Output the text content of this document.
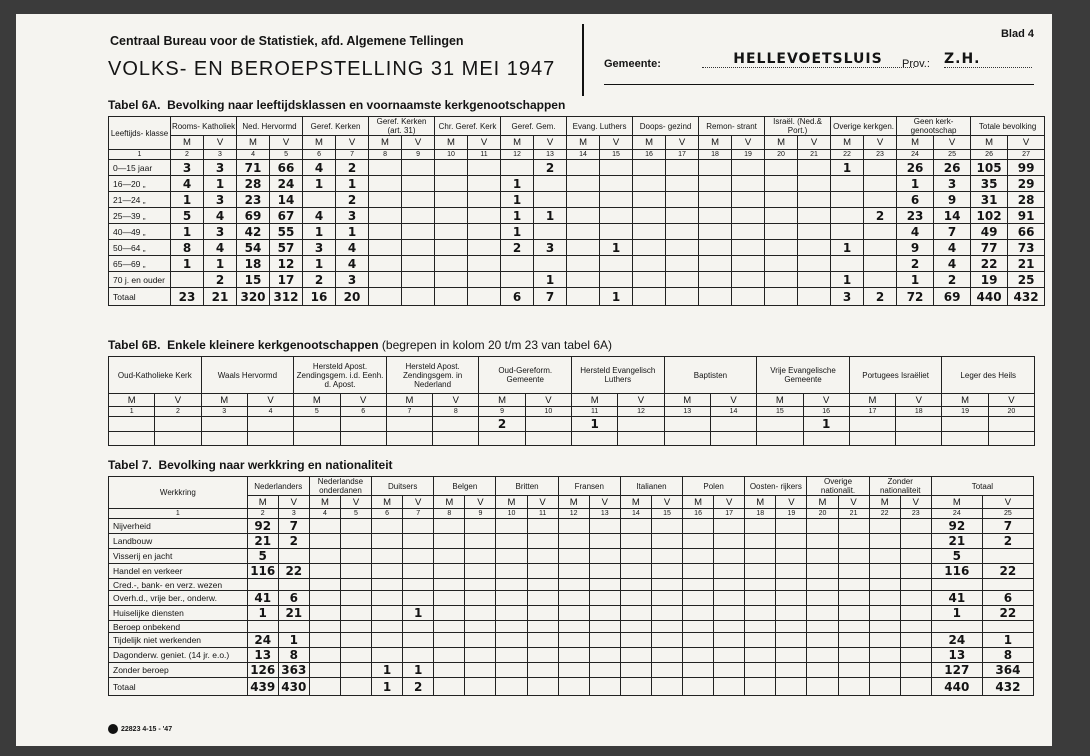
Centraal Bureau voor de Statistiek, afd. Algemene Tellingen
VOLKS- EN BEROEPSTELLING 31 MEI 1947
Blad 4
Gemeente:	HELLEVOETSLUIS	Prov.: Z.H.
Tabel 6A. Bevolking naar leeftijdsklassen en voornaamste kerkgenootschappen
Leeftijds- klasse	Rooms- Katholiek		Ned. Hervormd		Geref. Kerken		Geref. Kerken (art. 31)		Chr. Geref. Kerk		Geref. Gem.		Evang. Luthers		Doops- gezind		Remon- strant		Israël. (Ned.& Port.)		Overige kerkgen.		Geen kerk- genootschap		Totale bevolking	
	M	V	M	V	M	V	M	V	M	V	M	V	M	V	M	V	M	V	M	V	M	V	M	V	M	V
1	2	3	4	5	6	7	8	9	10	11	12	13	14	15	16	17	18	19	20	21	22	23	24	25	26	27
0—15 jaar	3	3	71	66	4	2						2									1		26	26	105	99
16—20 „	4	1	28	24	1	1					1												1	3	35	29
21—24 „	1	3	23	14		2					1												6	9	31	28
25—39 „	5	4	69	67	4	3					1	1										2	23	14	102	91
40—49 „	1	3	42	55	1	1					1												4	7	49	66
50—64 „	8	4	54	57	3	4					2	3		1							1		9	4	77	73
65—69 „	1	1	18	12	1	4																	2	4	22	21
70 j. en ouder		2	15	17	2	3						1									1		1	2	19	25
Totaal	23	21	320	312	16	20					6	7		1							3	2	72	69	440	432
Tabel 6B. Enkele kleinere kerkgenootschappen (begrepen in kolom 20 t/m 23 van tabel 6A)
Oud-Katholieke Kerk		Waals Hervormd		Hersteld Apost. Zendingsgem. i.d. Eenh. d. Apost.		Hersteld Apost. Zendingsgem. in Nederland		Oud-Gereform. Gemeente		Hersteld Evangelisch Luthers		Baptisten		Vrije Evangelische Gemeente		Portugees Israëliet		Leger des Heils	
M	V	M	V	M	V	M	V	M	V	M	V	M	V	M	V	M	V	M	V
1	2	3	4	5	6	7	8	9	10	11	12	13	14	15	16	17	18	19	20
								2		1					1				

Tabel 7. Bevolking naar werkkring en nationaliteit
Werkkring	Nederlanders		Nederlandse onderdanen		Duitsers		Belgen		Britten		Fransen		Italianen		Polen		Oosten- rijkers		Overige nationalit.		Zonder nationaliteit		Totaal	
	M	V	M	V	M	V	M	V	M	V	M	V	M	V	M	V	M	V	M	V	M	V	M	V
1	2	3	4	5	6	7	8	9	10	11	12	13	14	15	16	17	18	19	20	21	22	23	24	25
Nijverheid	92	7																					92	7
Landbouw	21	2																					21	2
Visserij en jacht	5																						5	
Handel en verkeer	116	22																					116	22
Cred.-, bank- en verz. wezen																								
Overh.d., vrije ber., onderw.	41	6																					41	6
Huiselijke diensten	1	21				1																	1	22
Beroep onbekend																								
Tijdelijk niet werkenden	24	1																					24	1
Dagonderw. geniet. (14 jr. e.o.)	13	8																					13	8
Zonder beroep	126	363			1	1																	127	364
Totaal	439	430			1	2																	440	432
22823 4-15 - '47
